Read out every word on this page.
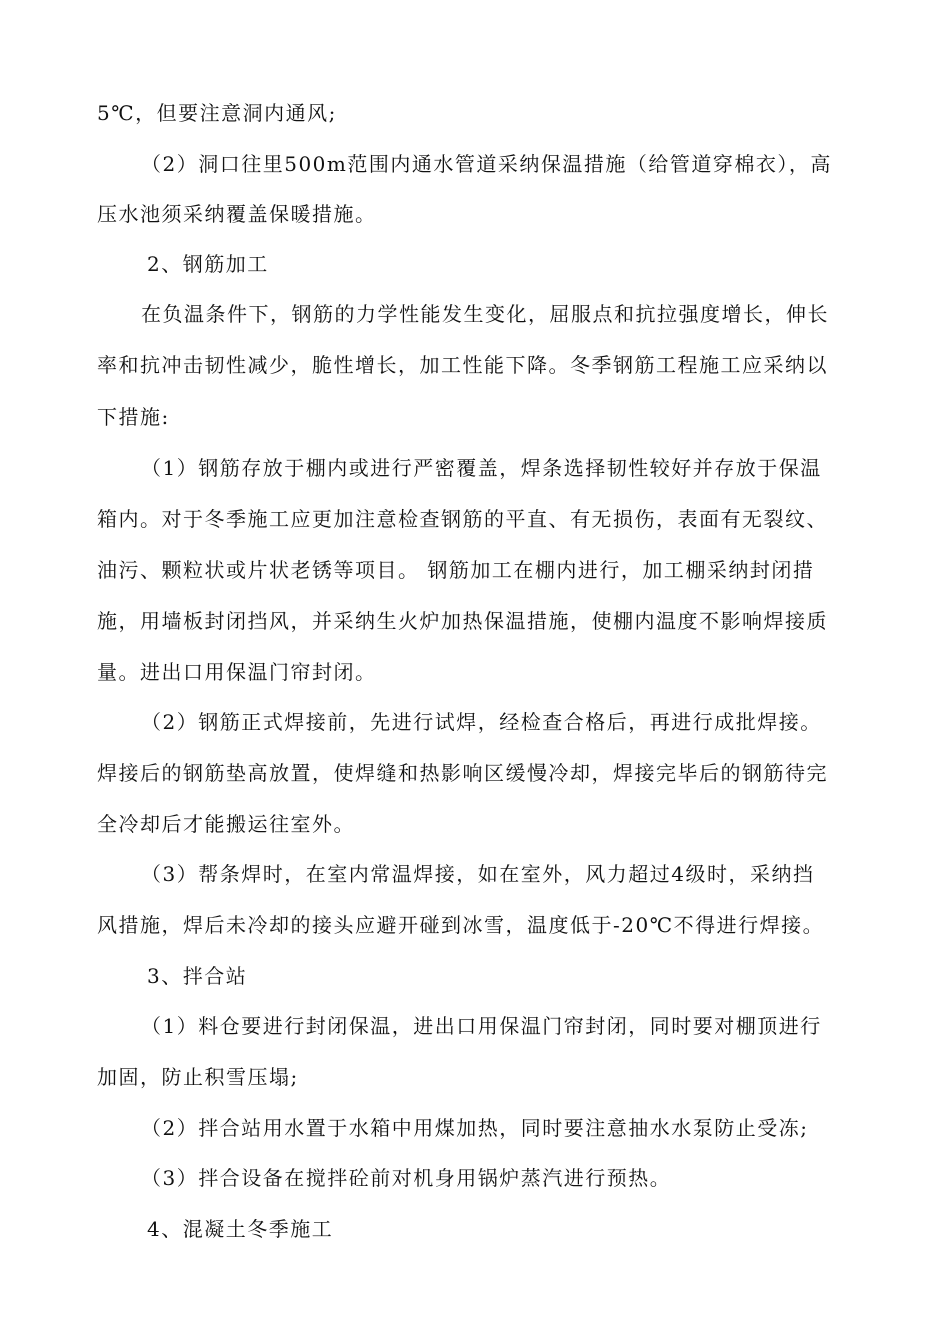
5℃，但要注意洞内通风;
（2）洞口往里500m范围内通水管道采纳保温措施（给管道穿棉衣），高
压水池须采纳覆盖保暖措施。
2、钢筋加工
在负温条件下，钢筋的力学性能发生变化，屈服点和抗拉强度增长，伸长
率和抗冲击韧性减少，脆性增长，加工性能下降。冬季钢筋工程施工应采纳以
下措施:
（1）钢筋存放于棚内或进行严密覆盖，焊条选择韧性较好并存放于保温
箱内。对于冬季施工应更加注意检查钢筋的平直、有无损伤，表面有无裂纹、
油污、颗粒状或片状老锈等项目。 钢筋加工在棚内进行，加工棚采纳封闭措
施，用墙板封闭挡风，并采纳生火炉加热保温措施，使棚内温度不影响焊接质
量。进出口用保温门帘封闭。
（2）钢筋正式焊接前，先进行试焊，经检查合格后，再进行成批焊接。
焊接后的钢筋垫高放置，使焊缝和热影响区缓慢冷却，焊接完毕后的钢筋待完
全冷却后才能搬运往室外。
（3）帮条焊时，在室内常温焊接，如在室外，风力超过4级时，采纳挡
风措施，焊后未冷却的接头应避开碰到冰雪，温度低于-20℃不得进行焊接。
3、拌合站
（1）料仓要进行封闭保温，进出口用保温门帘封闭，同时要对棚顶进行
加固，防止积雪压塌;
（2）拌合站用水置于水箱中用煤加热，同时要注意抽水水泵防止受冻;
（3）拌合设备在搅拌砼前对机身用锅炉蒸汽进行预热。
4、混凝土冬季施工
